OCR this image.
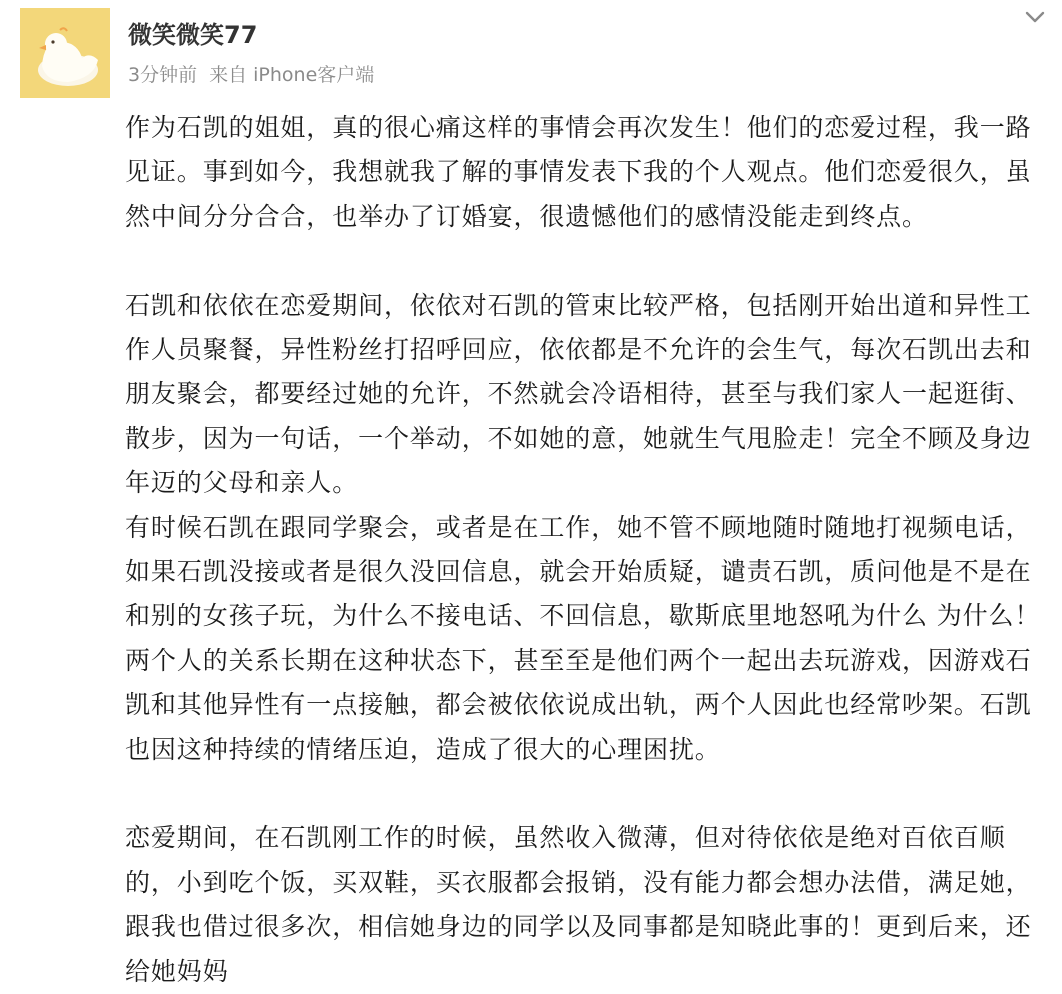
微笑微笑77
3分钟前 来自 iPhone客户端

作为石凯的姐姐，真的很心痛这样的事情会再次发生！他们的恋爱过程，我一路见证。事到如今，我想就我了解的事情发表下我的个人观点。他们恋爱很久，虽然中间分分合合，也举办了订婚宴，很遗憾他们的感情没能走到终点。

石凯和依依在恋爱期间，依依对石凯的管束比较严格，包括刚开始出道和异性工作人员聚餐，异性粉丝打招呼回应，依依都是不允许的会生气，每次石凯出去和朋友聚会，都要经过她的允许，不然就会冷语相待，甚至与我们家人一起逛街、散步，因为一句话，一个举动，不如她的意，她就生气甩脸走！完全不顾及身边年迈的父母和亲人。

有时候石凯在跟同学聚会，或者是在工作，她不管不顾地随时随地打视频电话，如果石凯没接或者是很久没回信息，就会开始质疑，谴责石凯，质问他是不是在和别的女孩子玩，为什么不接电话、不回信息，歇斯底里地怒吼为什么 为什么！两个人的关系长期在这种状态下，甚至至是他们两个一起出去玩游戏，因游戏石凯和其他异性有一点接触，都会被依依说成出轨，两个人因此也经常吵架。石凯也因这种持续的情绪压迫，造成了很大的心理困扰。

恋爱期间，在石凯刚工作的时候，虽然收入微薄，但对待依依是绝对百依百顺的，小到吃个饭，买双鞋，买衣服都会报销，没有能力都会想办法借，满足她，跟我也借过很多次，相信她身边的同学以及同事都是知晓此事的！更到后来，还给她妈妈
